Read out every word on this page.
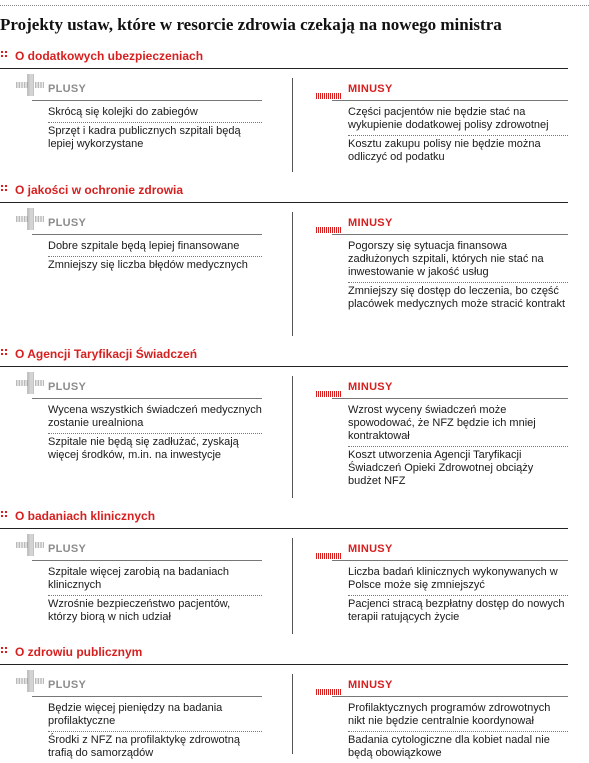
Projekty ustaw, które w resorcie zdrowia czekają na nowego ministra
O dodatkowych ubezpieczeniach
PLUSY
Skrócą się kolejki do zabiegów
Sprzęt i kadra publicznych szpitali będą lepiej wykorzystane
MINUSY
Części pacjentów nie będzie stać na wykupienie dodatkowej polisy zdrowotnej
Kosztu zakupu polisy nie będzie można odliczyć od podatku
O jakości w ochronie zdrowia
PLUSY
Dobre szpitale będą lepiej finansowane
Zmniejszy się liczba błędów medycznych
MINUSY
Pogorszy się sytuacja finansowa zadłużonych szpitali, których nie stać na inwestowanie w jakość usług
Zmniejszy się dostęp do leczenia, bo część placówek medycznych może stracić kontrakt
O Agencji Taryfikacji Świadczeń
PLUSY
Wycena wszystkich świadczeń medycznych zostanie urealniona
Szpitale nie będą się zadłużać, zyskają więcej środków, m.in. na inwestycje
MINUSY
Wzrost wyceny świadczeń może spowodować, że NFZ będzie ich mniej kontraktował
Koszt utworzenia Agencji Taryfikacji Świadczeń Opieki Zdrowotnej obciąży budżet NFZ
O badaniach klinicznych
PLUSY
Szpitale więcej zarobią na badaniach klinicznych
Wzrośnie bezpieczeństwo pacjentów, którzy biorą w nich udział
MINUSY
Liczba badań klinicznych wykonywanych w Polsce może się zmniejszyć
Pacjenci stracą bezpłatny dostęp do nowych terapii ratujących życie
O zdrowiu publicznym
PLUSY
Będzie więcej pieniędzy na badania profilaktyczne
Środki z NFZ na profilaktykę zdrowotną trafią do samorządów
MINUSY
Profilaktycznych programów zdrowotnych nikt nie będzie centralnie koordynował
Badania cytologiczne dla kobiet nadal nie będą obowiązkowe
